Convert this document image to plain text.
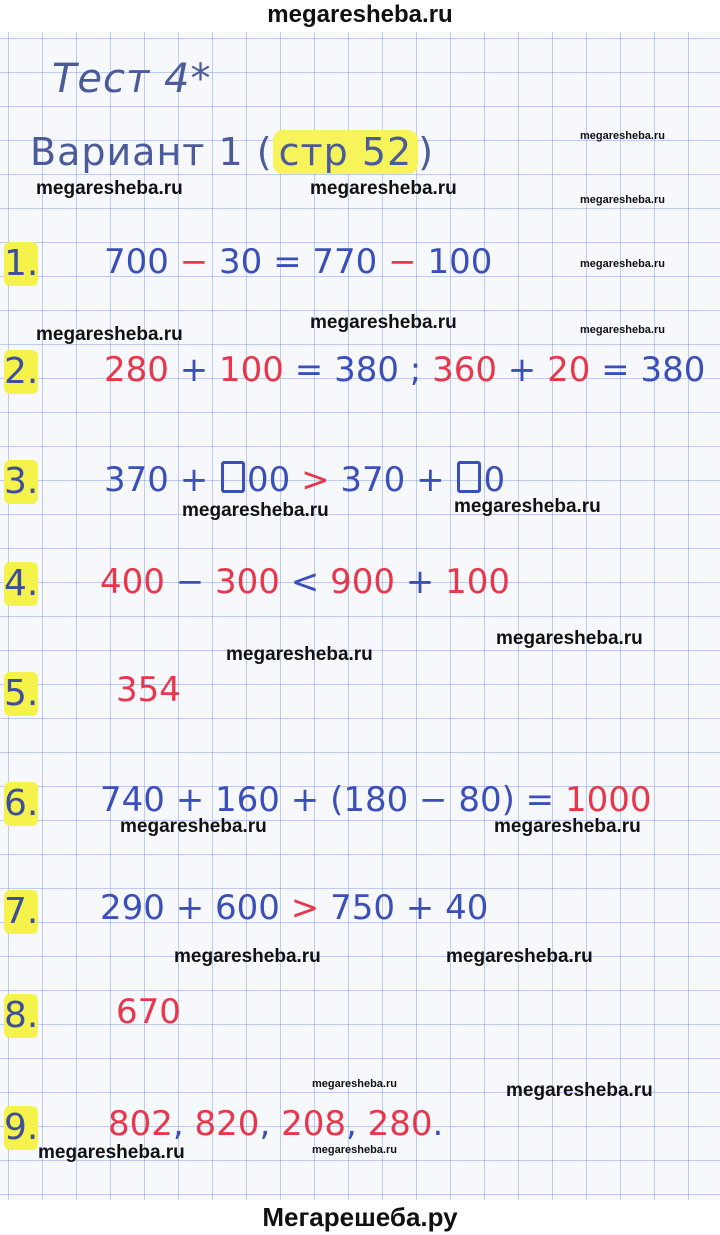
megaresheba.ru
Тест 4*
Вариант 1 ( стр 52 )
1. 700 − 30 = 770 − 100
2. 280 + 100 = 380 ; 360 + 20 = 380
3. 370 + 00 > 370 + 0
4. 400 − 300 < 900 + 100
5. 354
6. 740 + 160 + (180 − 80) = 1000
7. 290 + 600 > 750 + 40
8. 670
9. 802, 820, 208, 280.
megaresheba.ru
megaresheba.ru	megaresheba.ru
megaresheba.ru
megaresheba.ru
megaresheba.ru
megaresheba.ru	megaresheba.ru
megaresheba.ru
megaresheba.ru
megaresheba.ru
megaresheba.ru
megaresheba.ru	megaresheba.ru
megaresheba.ru	megaresheba.ru
megaresheba.ru	megaresheba.ru
megaresheba.ru	megaresheba.ru
Мегарешеба.ру
